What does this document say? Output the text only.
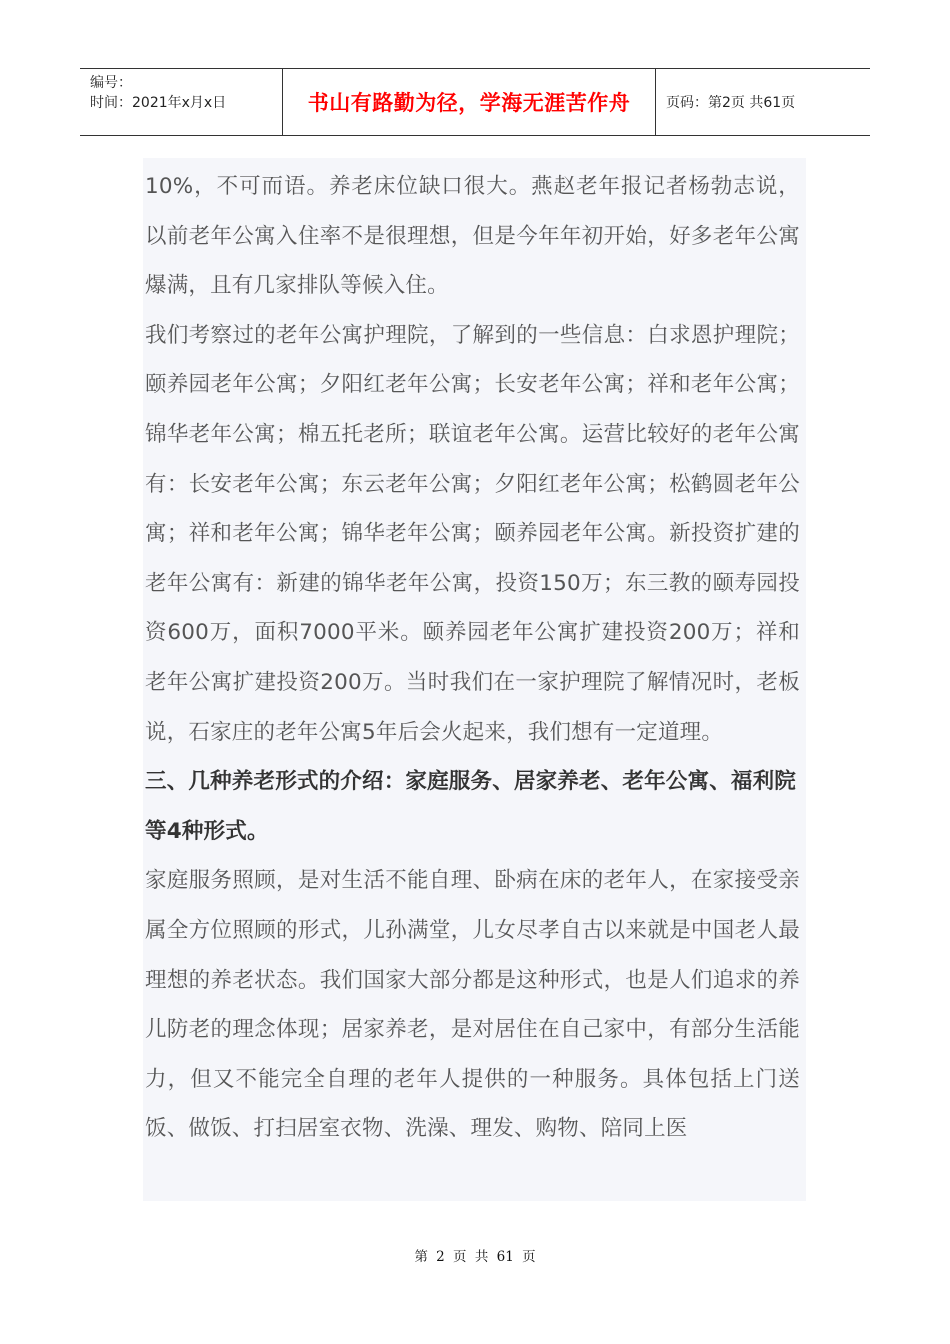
编号：
时间：2021年x月x日	书山有路勤为径，学海无涯苦作舟	页码：第2页 共61页

10%，不可而语。养老床位缺口很大。燕赵老年报记者杨勃志说，以前老年公寓入住率不是很理想，但是今年年初开始，好多老年公寓爆满，且有几家排队等候入住。

我们考察过的老年公寓护理院，了解到的一些信息：白求恩护理院；颐养园老年公寓；夕阳红老年公寓；长安老年公寓；祥和老年公寓；锦华老年公寓；棉五托老所；联谊老年公寓。运营比较好的老年公寓有：长安老年公寓；东云老年公寓；夕阳红老年公寓；松鹤圆老年公寓；祥和老年公寓；锦华老年公寓；颐养园老年公寓。新投资扩建的老年公寓有：新建的锦华老年公寓，投资150万；东三教的颐寿园投资600万，面积7000平米。颐养园老年公寓扩建投资200万；祥和老年公寓扩建投资200万。当时我们在一家护理院了解情况时，老板说，石家庄的老年公寓5年后会火起来，我们想有一定道理。

三、几种养老形式的介绍：家庭服务、居家养老、老年公寓、福利院等4种形式。

家庭服务照顾，是对生活不能自理、卧病在床的老年人，在家接受亲属全方位照顾的形式，儿孙满堂，儿女尽孝自古以来就是中国老人最理想的养老状态。我们国家大部分都是这种形式，也是人们追求的养儿防老的理念体现；居家养老，是对居住在自己家中，有部分生活能力，但又不能完全自理的老年人提供的一种服务。具体包括上门送饭、做饭、打扫居室衣物、洗澡、理发、购物、陪同上医

第 2 页 共 61 页
